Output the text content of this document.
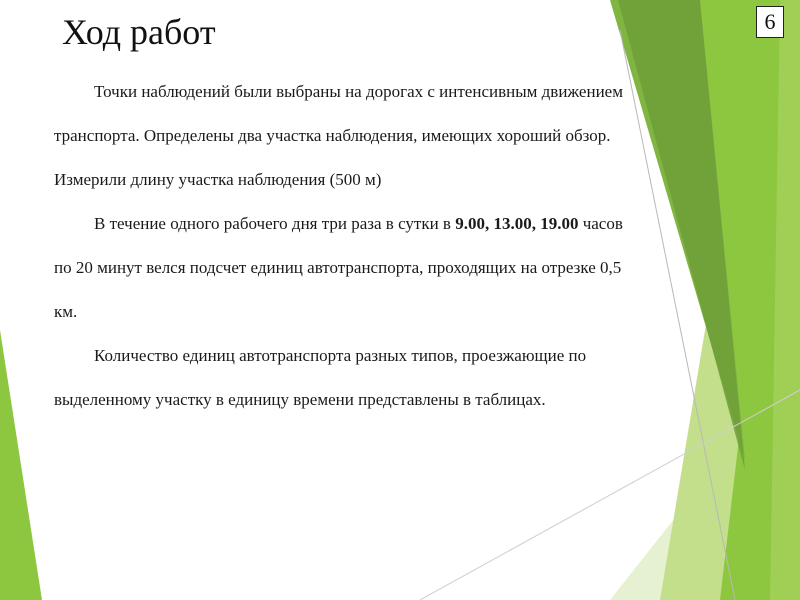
Ход работ	6

Точки наблюдений были выбраны на дорогах с интенсивным движением транспорта. Определены два участка наблюдения, имеющих хороший обзор. Измерили длину участка наблюдения (500 м)

В течение одного рабочего дня три раза в сутки в 9.00, 13.00, 19.00 часов по 20 минут велся подсчет единиц автотранспорта, проходящих на отрезке 0,5 км.

Количество единиц автотранспорта разных типов, проезжающие по выделенному участку в единицу времени представлены в таблицах.
